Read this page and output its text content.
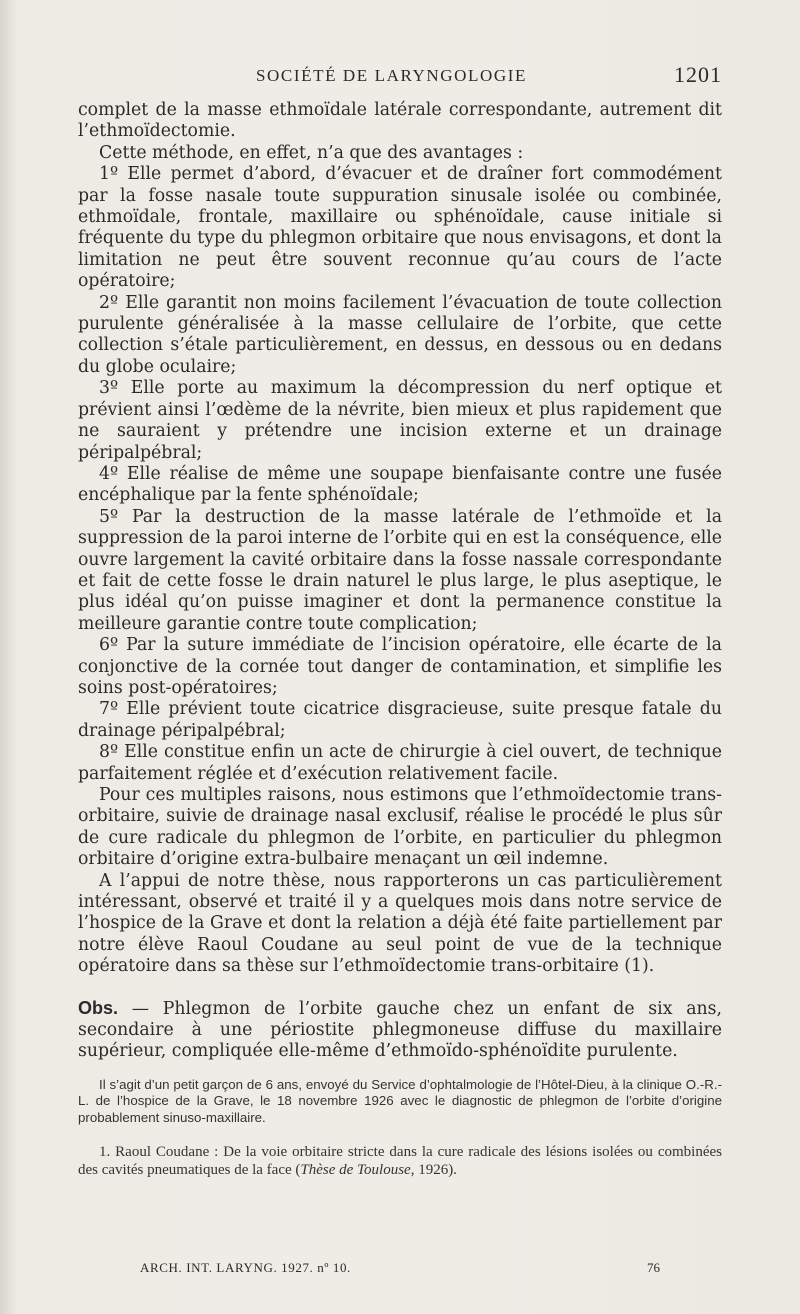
SOCIÉTÉ DE LARYNGOLOGIE	1201

complet de la masse ethmoïdale latérale correspondante, autrement dit l’ethmoïdectomie.

Cette méthode, en effet, n’a que des avantages :

1º Elle permet d’abord, d’évacuer et de draîner fort commodément par la fosse nasale toute suppuration sinusale isolée ou combinée, ethmoïdale, frontale, maxillaire ou sphénoïdale, cause initiale si fréquente du type du phlegmon orbitaire que nous envisagons, et dont la limitation ne peut être souvent reconnue qu’au cours de l’acte opératoire;

2º Elle garantit non moins facilement l’évacuation de toute collection purulente généralisée à la masse cellulaire de l’orbite, que cette collection s’étale particulièrement, en dessus, en dessous ou en dedans du globe oculaire;

3º Elle porte au maximum la décompression du nerf optique et prévient ainsi l’œdème de la névrite, bien mieux et plus rapidement que ne sauraient y prétendre une incision externe et un drainage péripalpébral;

4º Elle réalise de même une soupape bienfaisante contre une fusée encéphalique par la fente sphénoïdale;

5º Par la destruction de la masse latérale de l’ethmoïde et la suppression de la paroi interne de l’orbite qui en est la conséquence, elle ouvre largement la cavité orbitaire dans la fosse nassale correspondante et fait de cette fosse le drain naturel le plus large, le plus aseptique, le plus idéal qu’on puisse imaginer et dont la permanence constitue la meilleure garantie contre toute complication;

6º Par la suture immédiate de l’incision opératoire, elle écarte de la conjonctive de la cornée tout danger de contamination, et simplifie les soins post-opératoires;

7º Elle prévient toute cicatrice disgracieuse, suite presque fatale du drainage péripalpébral;

8º Elle constitue enfin un acte de chirurgie à ciel ouvert, de technique parfaitement réglée et d’exécution relativement facile.

Pour ces multiples raisons, nous estimons que l’ethmoïdectomie trans-orbitaire, suivie de drainage nasal exclusif, réalise le procédé le plus sûr de cure radicale du phlegmon de l’orbite, en particulier du phlegmon orbitaire d’origine extra-bulbaire menaçant un œil indemne.

A l’appui de notre thèse, nous rapporterons un cas particulièrement intéressant, observé et traité il y a quelques mois dans notre service de l’hospice de la Grave et dont la relation a déjà été faite partiellement par notre élève Raoul Coudane au seul point de vue de la technique opératoire dans sa thèse sur l’ethmoïdectomie trans-orbitaire (1).

Obs. — Phlegmon de l’orbite gauche chez un enfant de six ans, secondaire à une périostite phlegmoneuse diffuse du maxillaire supérieur, compliquée elle-même d’ethmoïdo-sphénoïdite purulente.

Il s’agit d’un petit garçon de 6 ans, envoyé du Service d’ophtalmologie de l’Hôtel-Dieu, à la clinique O.-R.-L. de l’hospice de la Grave, le 18 novembre 1926 avec le diagnostic de phlegmon de l’orbite d’origine probablement sinuso-maxillaire.

1. Raoul Coudane : De la voie orbitaire stricte dans la cure radicale des lésions isolées ou combinées des cavités pneumatiques de la face (Thèse de Toulouse, 1926).

ARCH. INT. LARYNG. 1927. nº 10.	76
